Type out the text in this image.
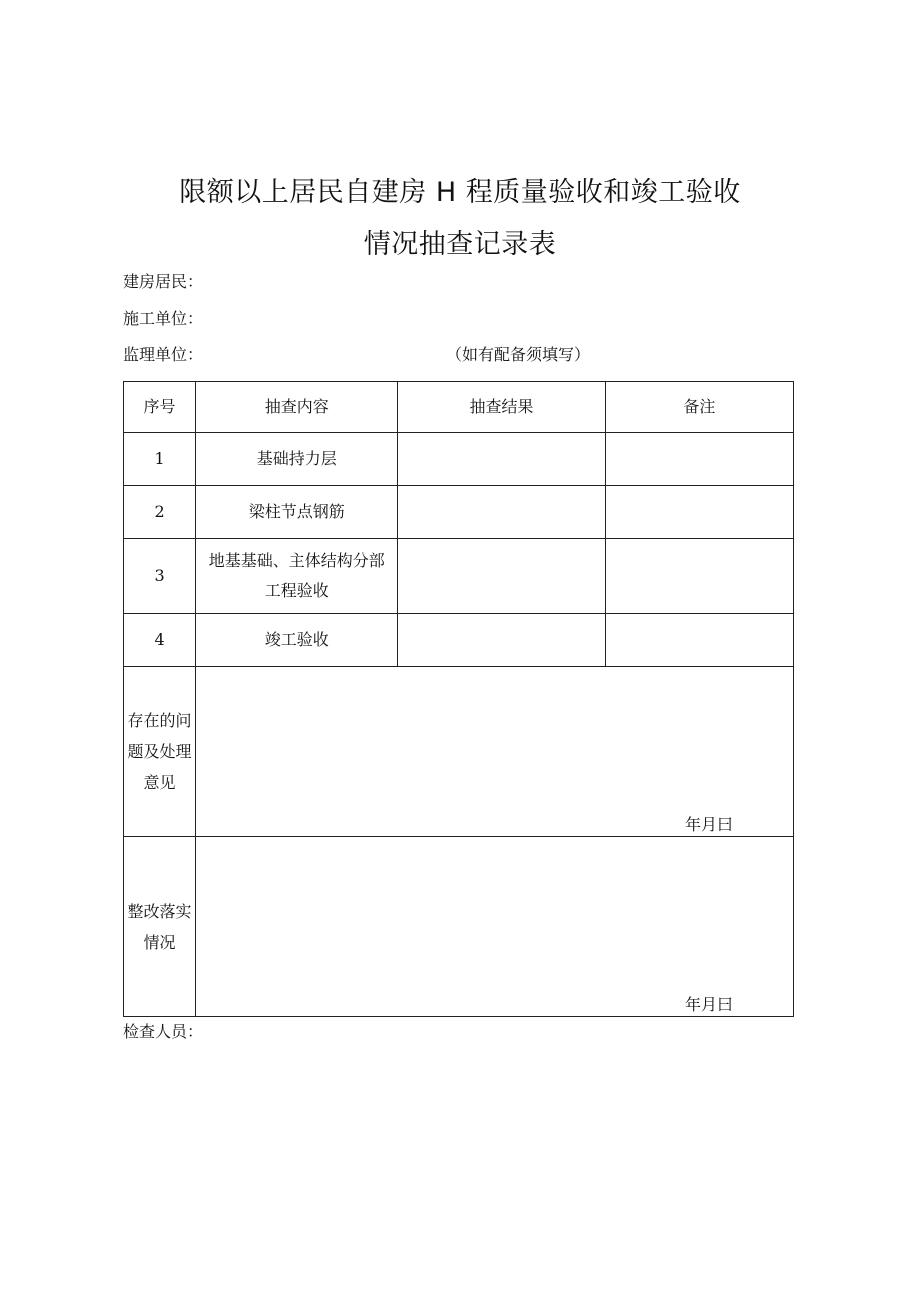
限额以上居民自建房 H 程质量验收和竣工验收
情况抽查记录表
建房居民：
施工单位：
监理单位：	（如有配备须填写）
序号	抽查内容	抽查结果	备注
1	基础持力层		
2	梁柱节点钢筋		
3	地基基础、主体结构分部工程验收		
4	竣工验收		
存在的问
题及处理
意见	年月曰		

整改落实
情况	年月曰		
检查人员：
